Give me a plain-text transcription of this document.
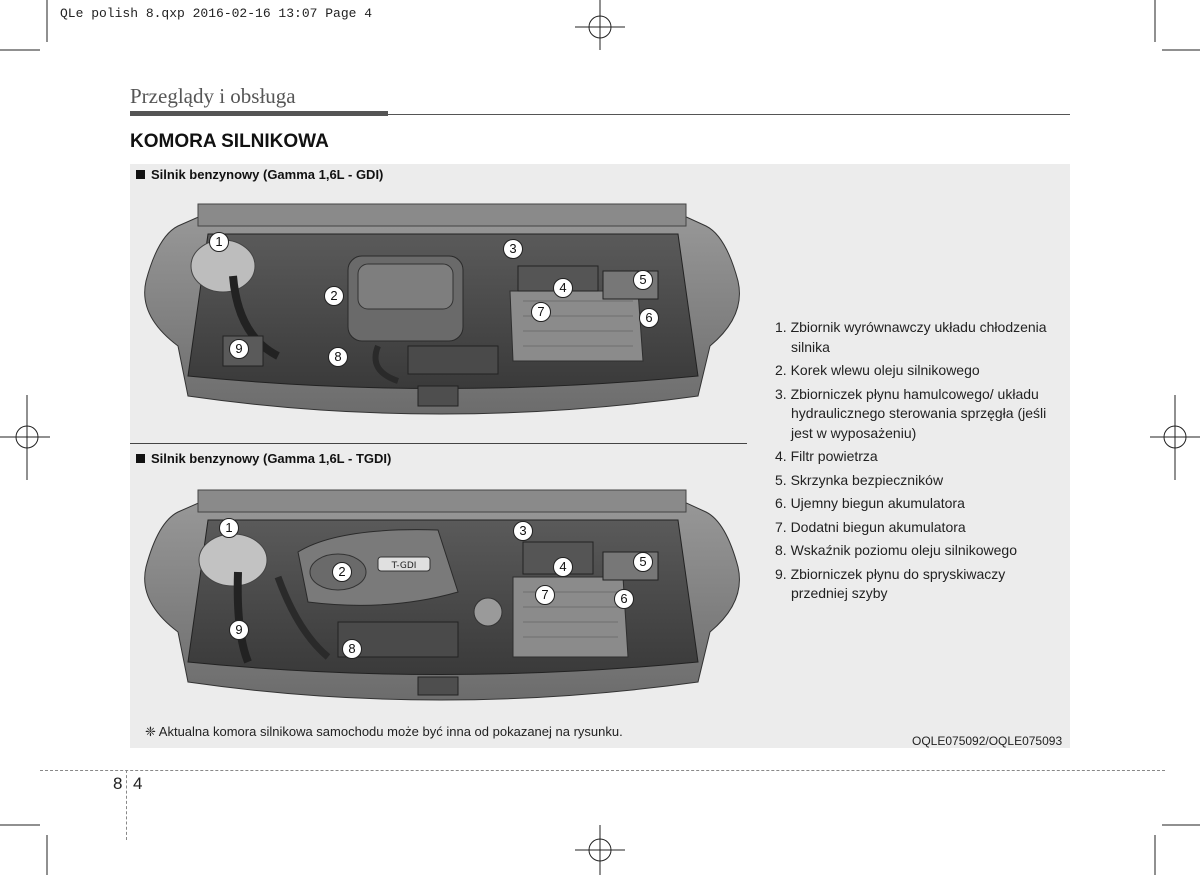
QLe polish 8.qxp 2016-02-16 13:07 Page 4
Przeglądy i obsługa
KOMORA SILNIKOWA
Silnik benzynowy (Gamma 1,6L - GDI)
1
2
3
4
5
6
7
8
9
Silnik benzynowy (Gamma 1,6L - TGDI)
T-GDI
1
2
3
4	5
6
7
8
9
1. Zbiornik wyrównawczy układu chłodzenia silnika
2. Korek wlewu oleju silnikowego
3. Zbiorniczek płynu hamulcowego/ układu hydraulicznego sterowania sprzęgła (jeśli jest w wyposażeniu)
4. Filtr powietrza
5. Skrzynka bezpieczników
6. Ujemny biegun akumulatora
7. Dodatni biegun akumulatora
8. Wskaźnik poziomu oleju silnikowego
9. Zbiorniczek płynu do spryskiwaczy przedniej szyby
❈ Aktualna komora silnikowa samochodu może być inna od pokazanej na rysunku.
OQLE075092/OQLE075093
8 4
